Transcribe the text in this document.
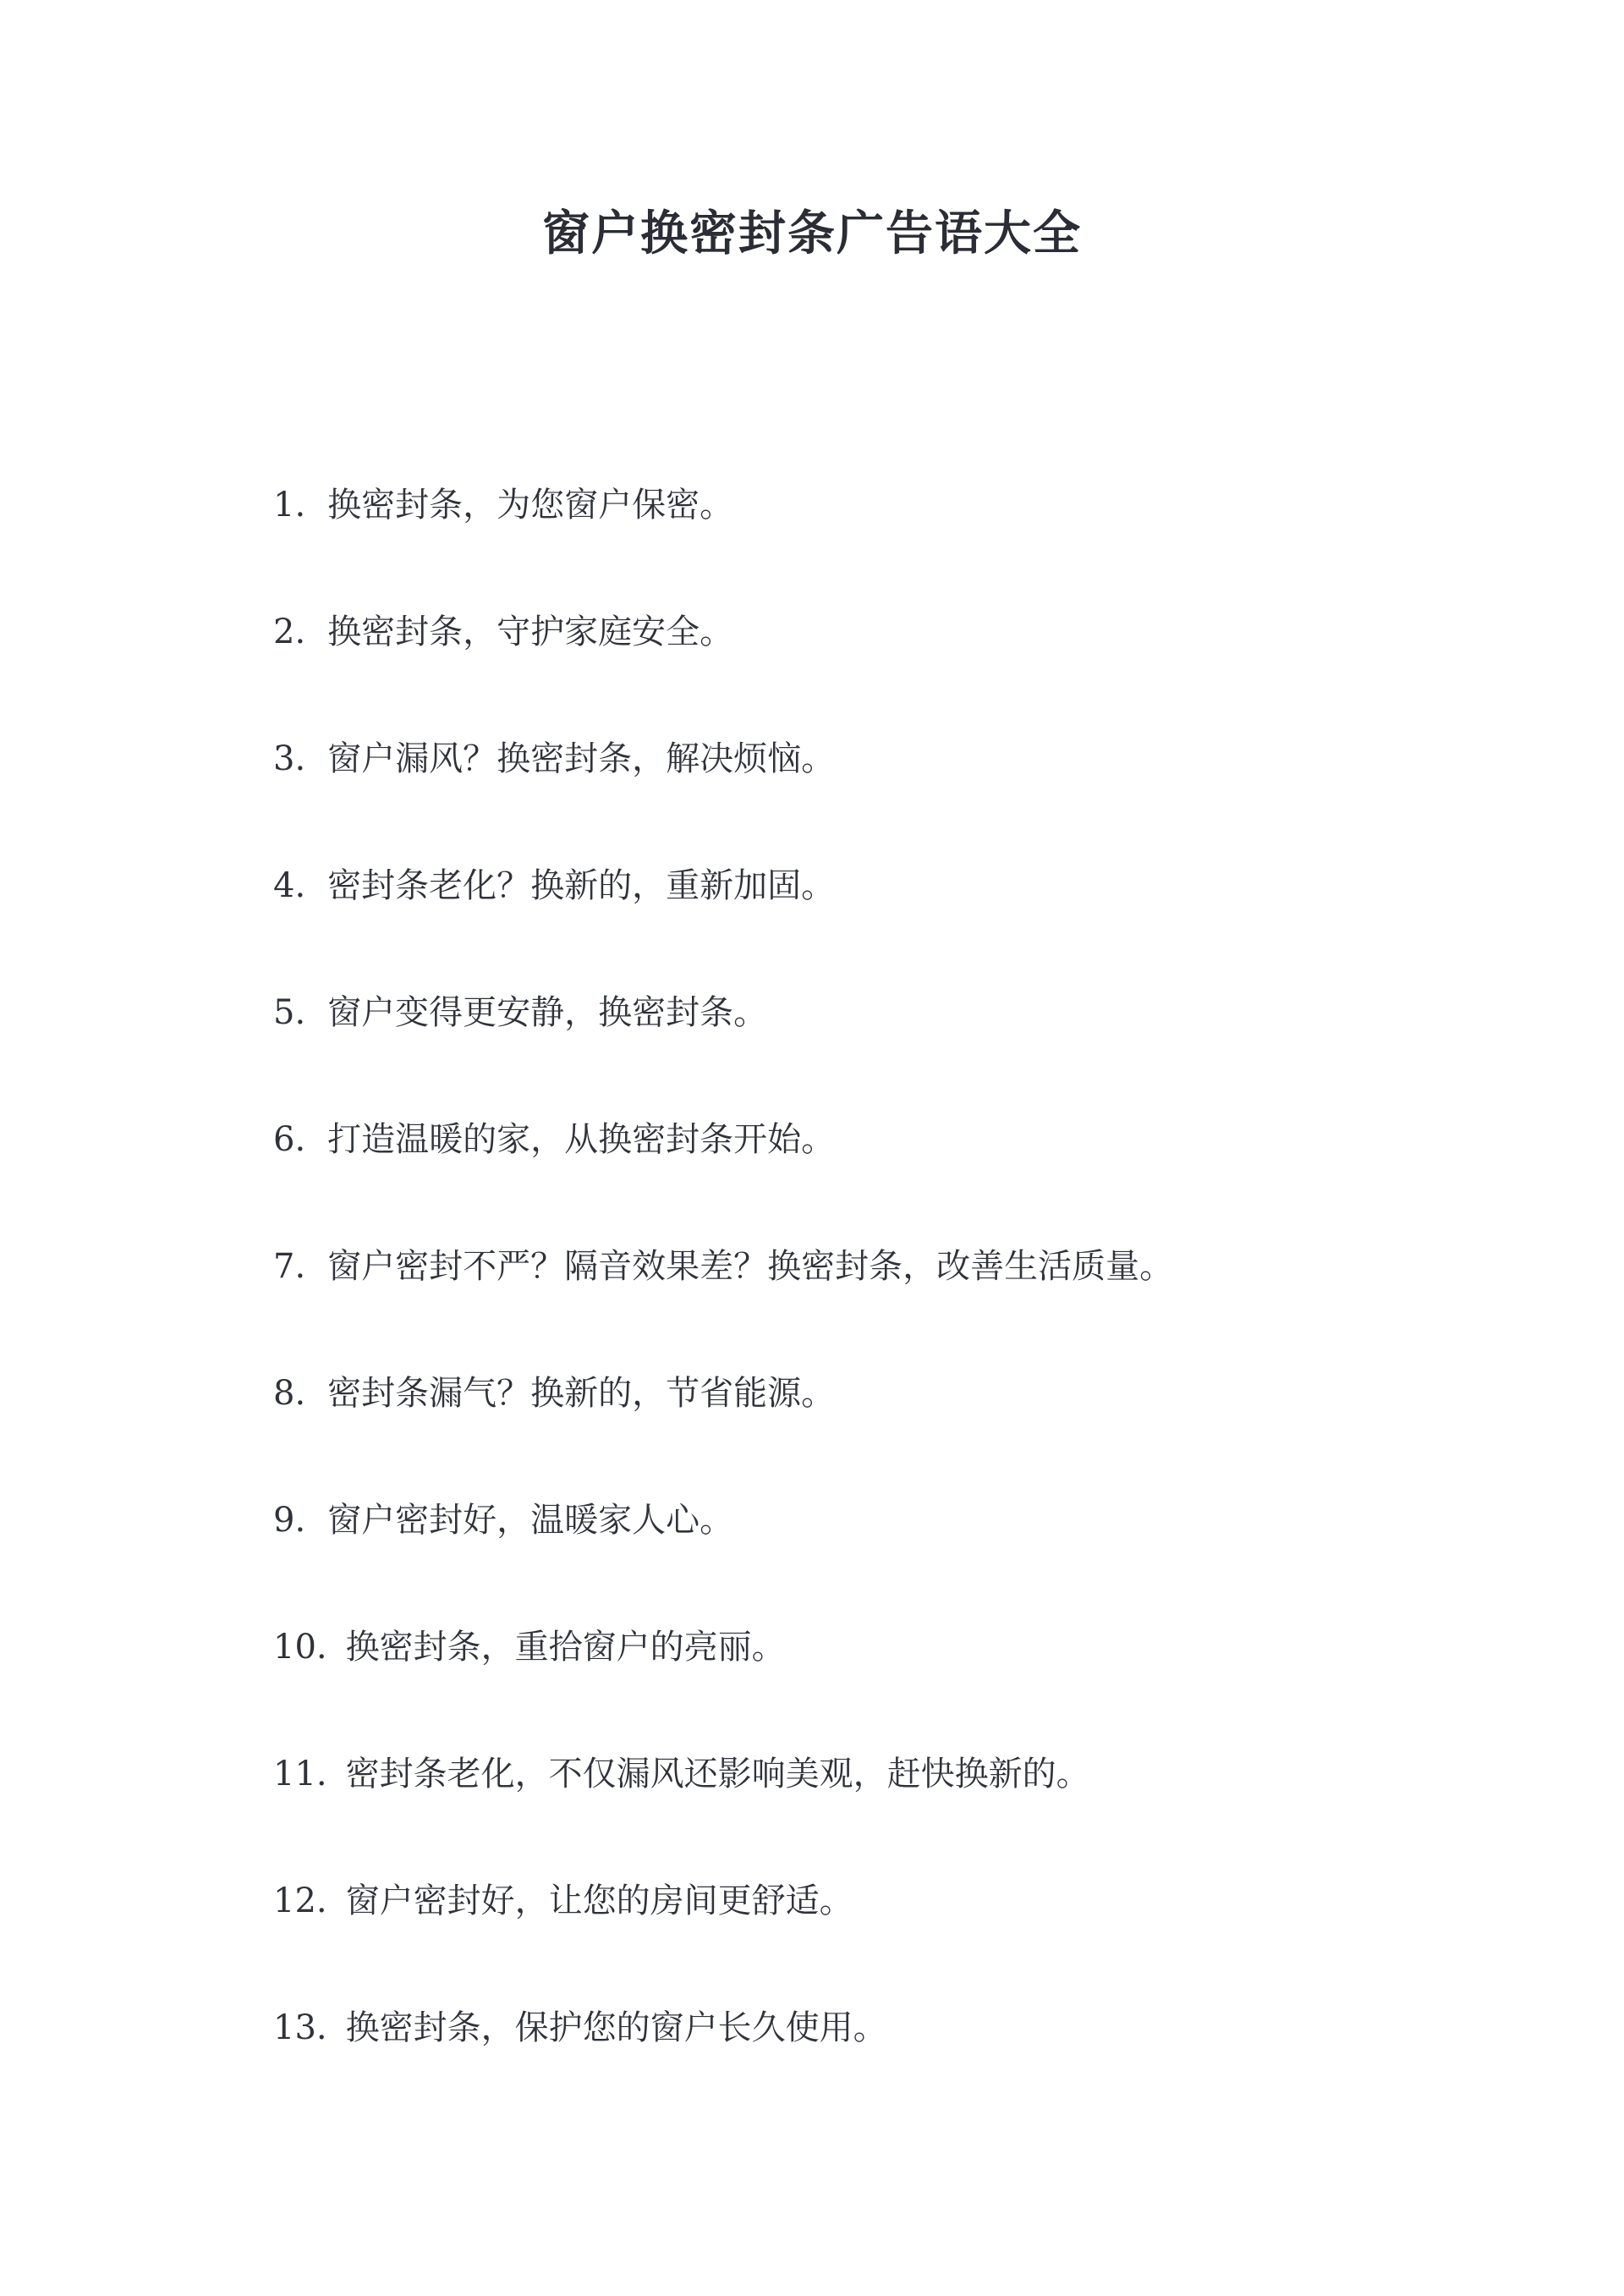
窗户换密封条广告语大全
1. 换密封条，为您窗户保密。
2. 换密封条，守护家庭安全。
3. 窗户漏风？换密封条，解决烦恼。
4. 密封条老化？换新的，重新加固。
5. 窗户变得更安静，换密封条。
6. 打造温暖的家，从换密封条开始。
7. 窗户密封不严？隔音效果差？换密封条，改善生活质量。
8. 密封条漏气？换新的，节省能源。
9. 窗户密封好，温暖家人心。
10. 换密封条，重拾窗户的亮丽。
11. 密封条老化，不仅漏风还影响美观，赶快换新的。
12. 窗户密封好，让您的房间更舒适。
13. 换密封条，保护您的窗户长久使用。
